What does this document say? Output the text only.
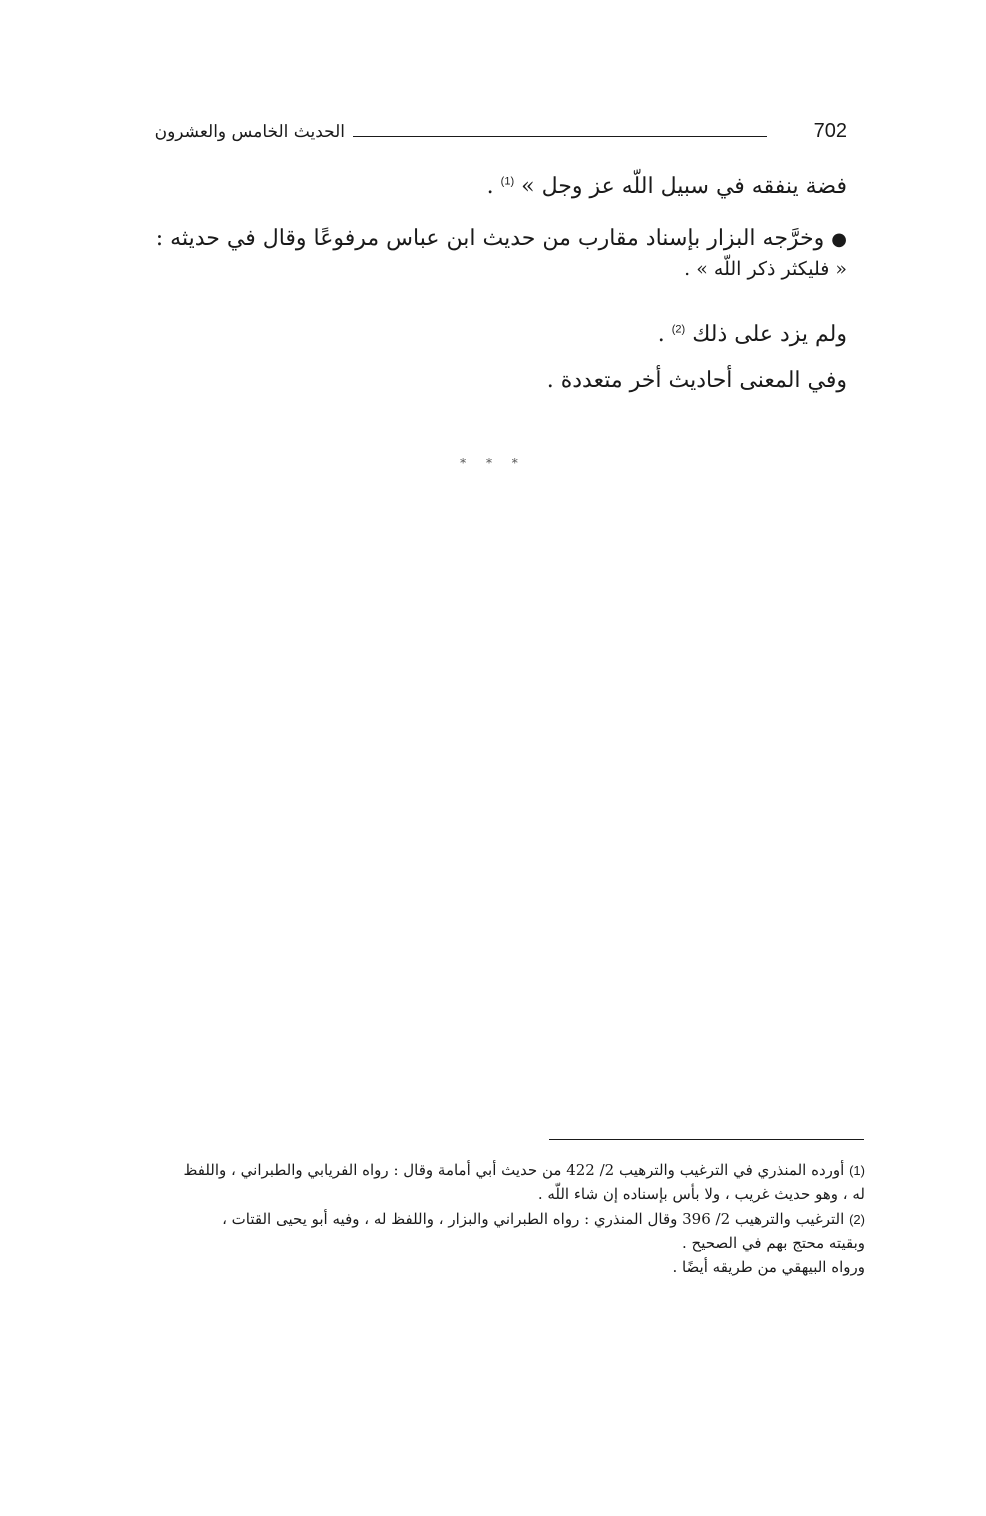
702
الحديث الخامس والعشرون

فضة ينفقه في سبيل اللّه عز وجل » $^{(1)}$ .

● وخرَّجه البزار بإسناد مقارب من حديث ابن عباس مرفوعًا وقال في حديثه :
« فليكثر ذكر اللّه » .

ولم يزد على ذلك $^{(2)}$ .

وفي المعنى أحاديث أخر متعددة .

* * *

(1) أورده المنذري في الترغيب والترهيب 2/ 422 من حديث أبي أمامة وقال : رواه الفريابي والطبراني ، واللفظ

له ، وهو حديث غريب ، ولا بأس بإسناده إن شاء اللّه .

(2) الترغيب والترهيب 2/ 396 وقال المنذري : رواه الطبراني والبزار ، واللفظ له ، وفيه أبو يحيى القتات ،

وبقيته محتج بهم في الصحيح .

ورواه البيهقي من طريقه أيضًا .
